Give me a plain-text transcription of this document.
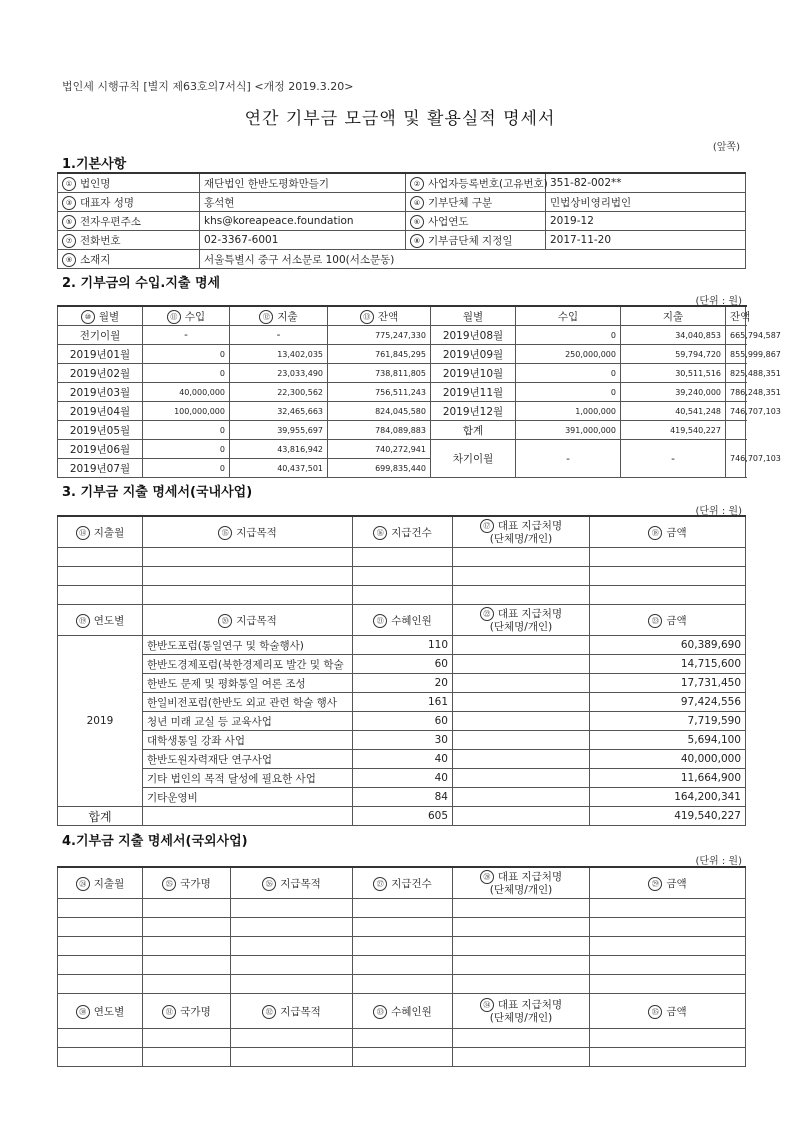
법인세 시행규칙 [별지 제63호의7서식] <개정 2019.3.20>
연간 기부금 모금액 및 활용실적 명세서
(앞쪽)
1.기본사항
① 법인명	재단법인 한반도평화만들기	② 사업자등록번호(고유번호)	351-82-002**
③ 대표자 성명	홍석현	④ 기부단체 구분	민법상비영리법인
⑤ 전자우편주소	khs@koreapeace.foundation	⑥ 사업연도	2019-12
⑦ 전화번호	02-3367-6001	⑧ 기부금단체 지정일	2017-11-20
⑨ 소재지	서울특별시 중구 서소문로 100(서소문동)		
2. 기부금의 수입.지출 명세
(단위 : 원)
⑩ 월별	⑪ 수입	⑫ 지출	⑬ 잔액	월별	수입	지출	잔액
전기이월	-	-	775,247,330	2019년08월	0	34,040,853	665,794,587
2019년01월	0	13,402,035	761,845,295	2019년09월	250,000,000	59,794,720	855,999,867
2019년02월	0	23,033,490	738,811,805	2019년10월	0	30,511,516	825,488,351
2019년03월	40,000,000	22,300,562	756,511,243	2019년11월	0	39,240,000	786,248,351
2019년04월	100,000,000	32,465,663	824,045,580	2019년12월	1,000,000	40,541,248	746,707,103
2019년05월	0	39,955,697	784,089,883	합계	391,000,000	419,540,227	
2019년06월	0	43,816,942	740,272,941	차기이월	-	-	746,707,103
2019년07월	0	40,437,501	699,835,440				
3. 기부금 지출 명세서(국내사업)
(단위 : 원)
⑭ 지출월	⑮ 지급목적	⑯ 지급건수	⑰ 대표 지급처명
(단체명/개인)	⑱ 금액

⑲ 연도별	⑳ 지급목적	㉑ 수혜인원	㉒ 대표 지급처명
(단체명/개인)	㉓ 금액
2019	한반도포럼(통일연구 및 학술행사)	110		60,389,690
	한반도경제포럼(북한경제리포 발간 및 학술	60		14,715,600
	한반도 문제 및 평화통일 여론 조성	20		17,731,450
	한일비전포럼(한반도 외교 관련 학술 행사	161		97,424,556
	청년 미래 교실 등 교육사업	60		7,719,590
	대학생통일 강좌 사업	30		5,694,100
	한반도원자력재단 연구사업	40		40,000,000
	기타 법인의 목적 달성에 필요한 사업	40		11,664,900
	기타운영비	84		164,200,341
합계		605		419,540,227
4.기부금 지출 명세서(국외사업)
(단위 : 원)
㉔ 지출월	㉕ 국가명	㉖ 지급목적	㉗ 지급건수	㉘ 대표 지급처명
(단체명/개인)	㉙ 금액

㉚ 연도별	㉛ 국가명	㉜ 지급목적	㉝ 수혜인원	㉞ 대표 지급처명
(단체명/개인)	㉟ 금액
